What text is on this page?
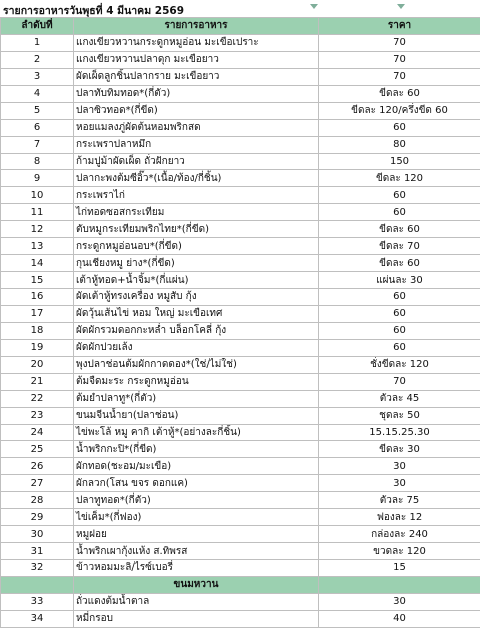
รายการอาหารวันพุธที่ 4 มีนาคม 2569
ลำดับที่	รายการอาหาร	ราคา
1	แกงเขียวหวานกระดูกหมูอ่อน มะเขือเปราะ	70
2	แกงเขียวหวานปลาดุก มะเขือยาว	70
3	ผัดเผ็ดลูกชิ้นปลากราย มะเขือยาว	70
4	ปลาทับทิมทอด*(กี่ตัว)	ขีดละ 60
5	ปลาซิวทอด*(กี่ขีด)	ขีดละ 120/ครึ่งขีด 60
6	หอยแมลงภู่ผัดต้นหอมพริกสด	60
7	กระเพราปลาหมึก	80
8	ก้ามปูม้าผัดเผ็ด ถั่วฝักยาว	150
9	ปลากะพงต้มซีอิ๊ว*(เนื้อ/ท้อง/กี่ชิ้น)	ขีดละ 120
10	กระเพราไก่	60
11	ไก่ทอดซอสกระเทียม	60
12	ตับหมูกระเทียมพริกไทย*(กี่ขีด)	ขีดละ 60
13	กระดูกหมูอ่อนอบ*(กี่ขีด)	ขีดละ 70
14	กุนเชียงหมู ย่าง*(กี่ขีด)	ขีดละ 60
15	เต้าหู้ทอด+น้ำจิ้ม*(กี่แผ่น)	แผ่นละ 30
16	ผัดเต้าหู้ทรงเครื่อง หมูสับ กุ้ง	60
17	ผัดวุ้นเส้นไข่ หอม ใหญ่ มะเขือเทศ	60
18	ผัดผักรวมดอกกะหล่ำ บล็อกโคลี่ กุ้ง	60
19	ผัดผักปวยเล้ง	60
20	พุงปลาช่อนต้มผักกาดดอง*(ใช่/ไม่ใช่)	ชั่งขีดละ 120
21	ต้มจืดมะระ กระดูกหมูอ่อน	70
22	ต้มยำปลาทู*(กี่ตัว)	ตัวละ 45
23	ขนมจีนน้ำยา(ปลาช่อน)	ชุดละ 50
24	ไข่พะโล้ หมู คากิ เต้าหู้*(อย่างละกี่ชิ้น)	15.15.25.30
25	น้ำพริกกะปิ*(กี่ขีด)	ขีดละ 30
26	ผักทอด(ชะอม/มะเขือ)	30
27	ผักลวก(โสน ขจร ดอกแค)	30
28	ปลาทูทอด*(กี่ตัว)	ตัวละ 75
29	ไข่เค็ม*(กี่ฟอง)	ฟองละ 12
30	หมูฝอย	กล่องละ 240
31	น้ำพริกเผากุ้งแห้ง ส.ทิพรส	ขวดละ 120
32	ข้าวหอมมะลิ/ไรซ์เบอรี่	15
	ขนมหวาน	
33	ถั่วแดงต้มน้ำตาล	30
34	หมี่กรอบ	40
